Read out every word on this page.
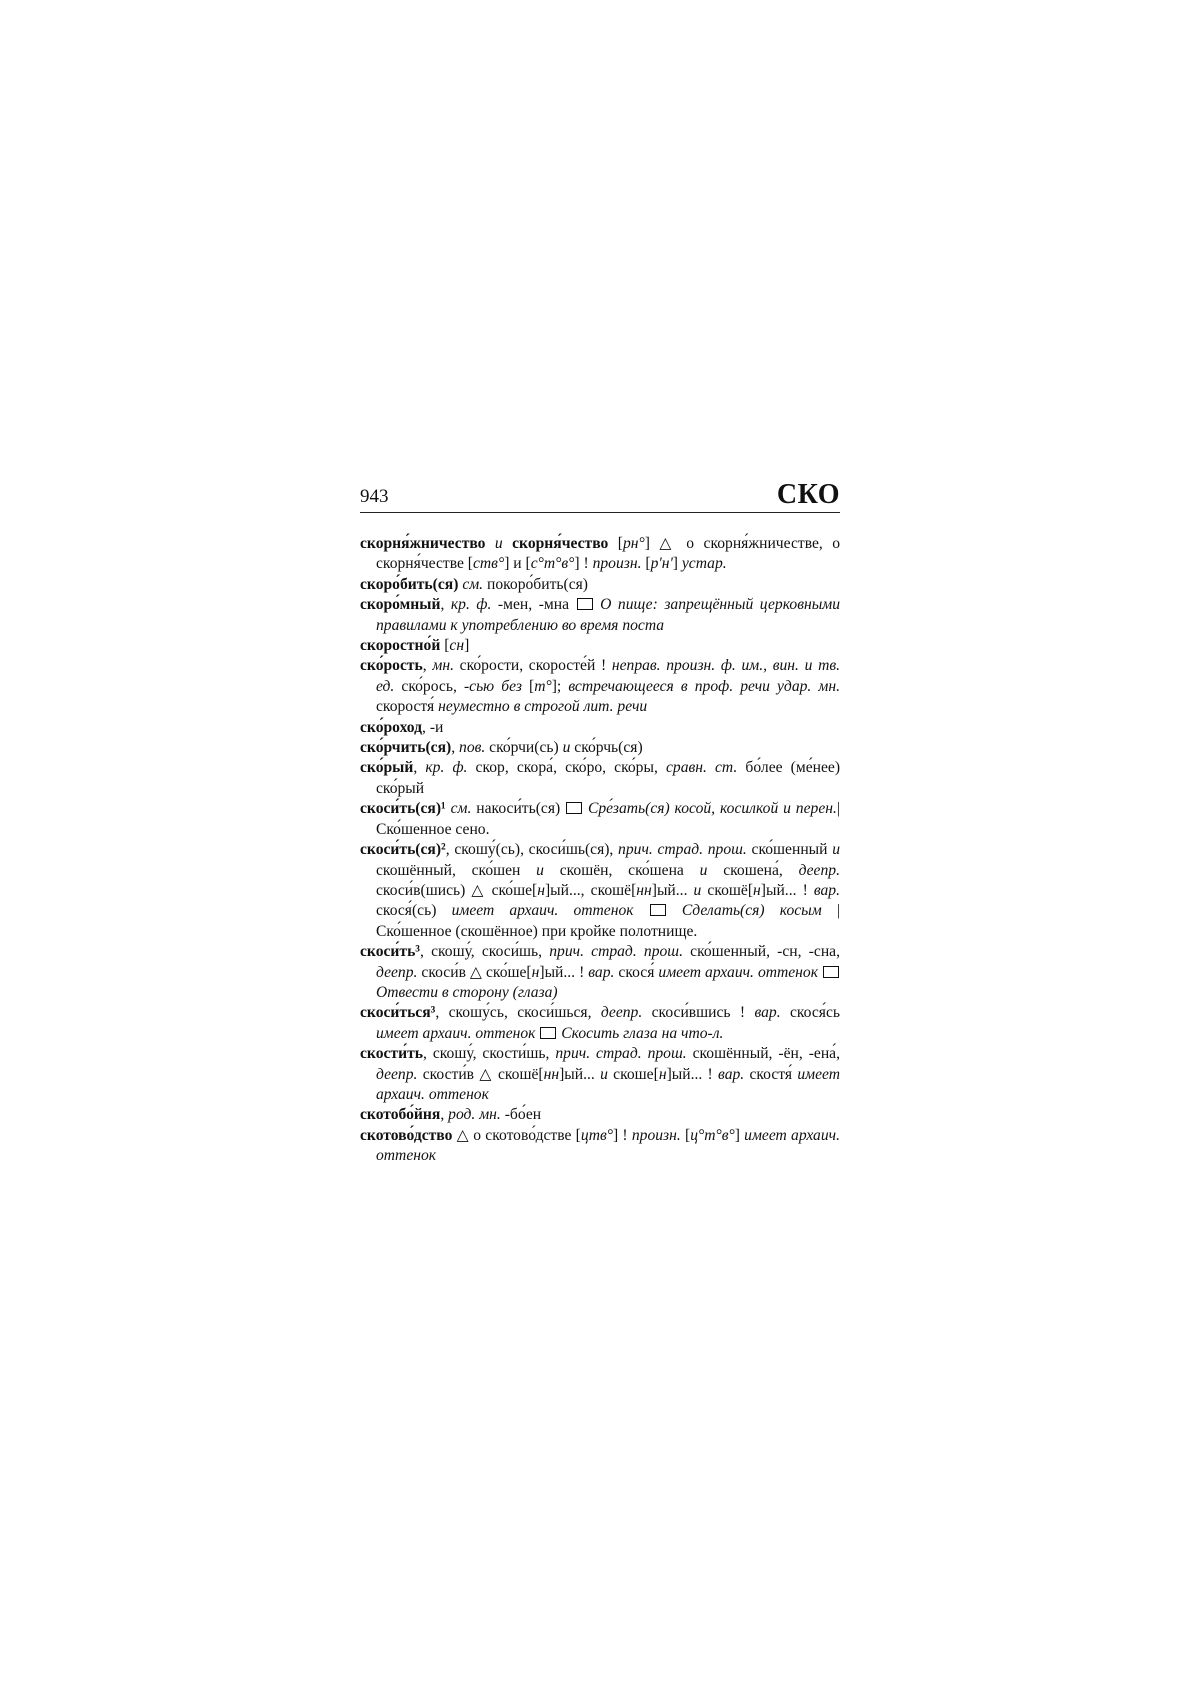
943	СКО

скорня́жничество и скорня́чество [рн°] △ о скорня́жничестве, о скорня́честве [ств°] и [с°т°в°] ! произн. [р'н'] устар.

скоро́бить(ся) см. покоро́бить(ся)

скоро́мный, кр. ф. -мен, -мна  О пище: запрещённый церковными правилами к употреблению во время поста

скоростно́й [сн]

ско́рость, мн. ско́рости, скоросте́й ! неправ. произн. ф. им., вин. и тв. ед. ско́рось, -сью без [т°]; встречающееся в проф. речи удар. мн. скоростя́ неуместно в строгой лит. речи

ско́роход, -и

ско́рчить(ся), пов. ско́рчи(сь) и ско́рчь(ся)

ско́рый, кр. ф. скор, скора́, ско́ро, ско́ры, сравн. ст. бо́лее (ме́нее) ско́рый

скоси́ть(ся)¹ см. накоси́ть(ся)  Сре́зать(ся) косой, косилкой и перен.| Ско́шенное сено.

скоси́ть(ся)², скошу́(сь), скоси́шь(ся), прич. страд. прош. ско́шенный и скошённый, ско́шен и скошён, ско́шена и скошена́, деепр. скоси́в(шись) △ ско́ше[н]ый..., скошё[нн]ый... и скошё[н]ый... ! вар. скося́(сь) имеет архаич. оттенок	Сделать(ся) косым | Ско́шенное (скошённое) при кройке полотнище.

скоси́ть³, скошу́, скоси́шь, прич. страд. прош. ско́шенный, -сн, -сна, деепр. скоси́в △ ско́ше[н]ый... ! вар. скося́ имеет архаич. оттенок  Отвести в сторону (глаза)

скоси́ться³, скошу́сь, скоси́шься, деепр. скоси́вшись ! вар. скося́сь имеет архаич. оттенок Скосить глаза на что-л.

скости́ть, скошу́, скости́шь, прич. страд. прош. скошённый, -ён, -ена́, деепр. скости́в △ скошё[нн]ый... и скоше[н]ый... ! вар. скостя́ имеет архаич. оттенок

скотобо́йня, род. мн. -бо́ен

скотово́дство △ о скотово́дстве [цтв°] ! произн. [ц°т°в°] имеет архаич. оттенок
